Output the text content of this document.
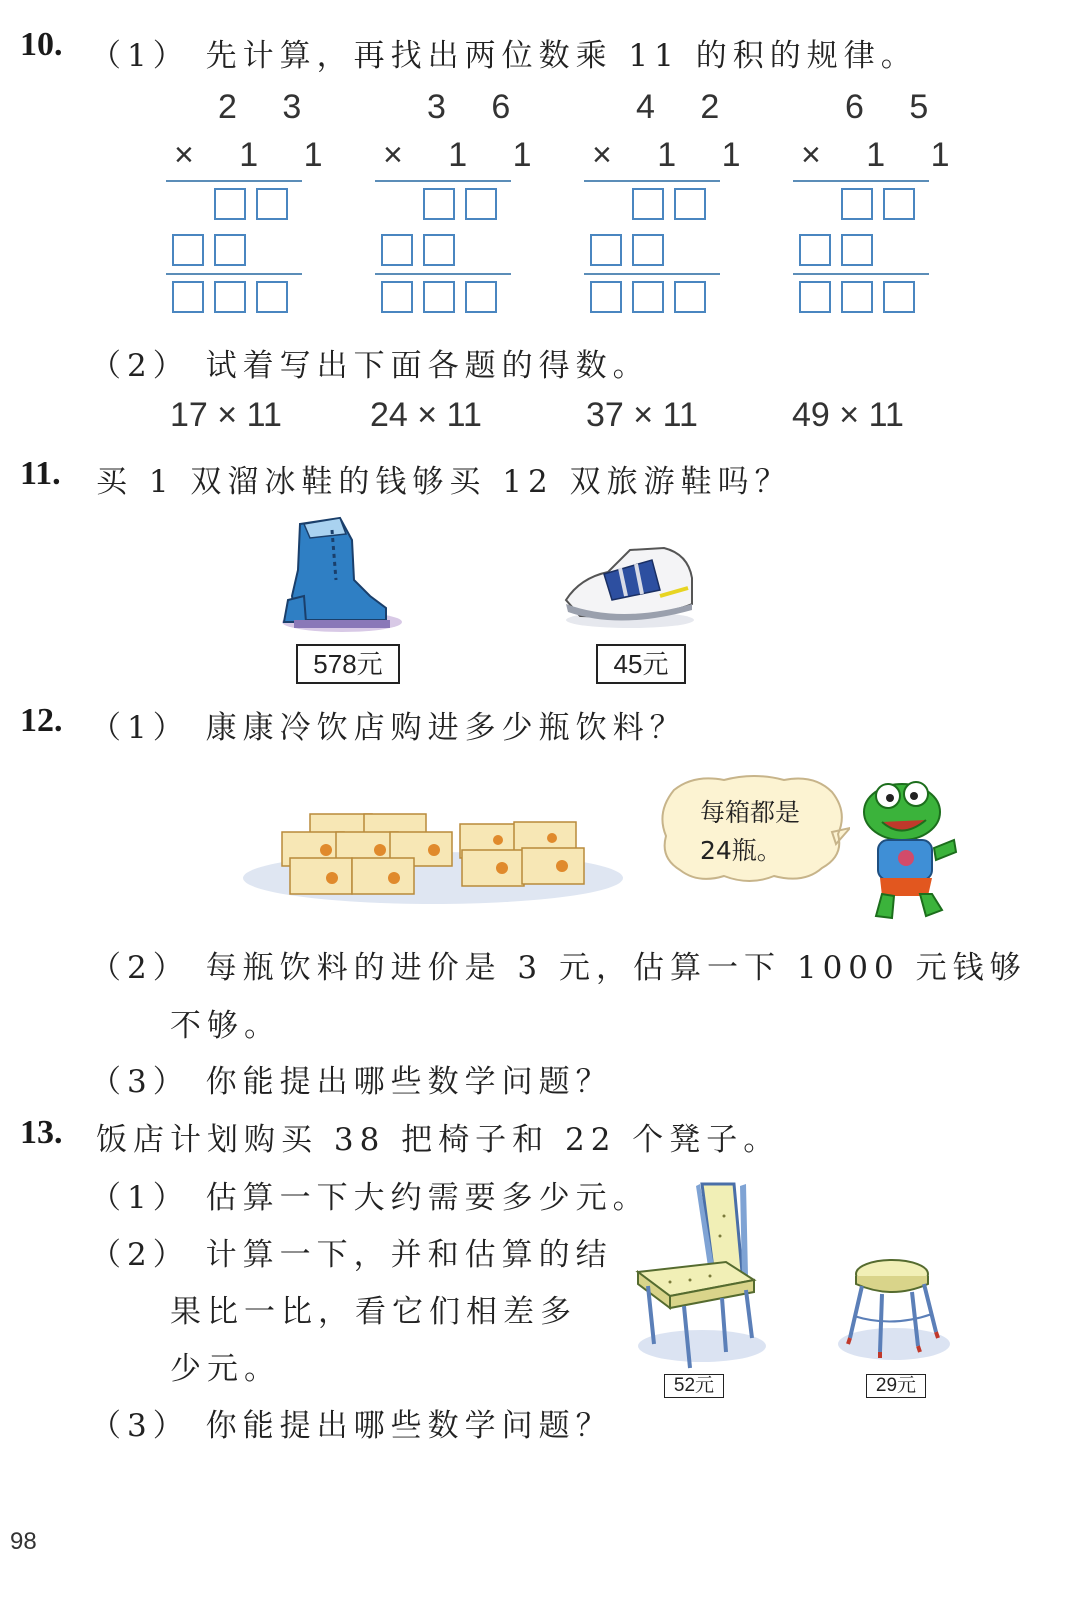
10. （1） 先计算，再找出两位数乘 11 的积的规律。
2 3
× 1 1
3 6
× 1 1
4 2
× 1 1
6 5
× 1 1
（2） 试着写出下面各题的得数。
17 × 11	24 × 11	37 × 11	49 × 11
11. 买 1 双溜冰鞋的钱够买 12 双旅游鞋吗？
578元	45元
12. （1） 康康冷饮店购进多少瓶饮料？
每箱都是
24瓶。
（2） 每瓶饮料的进价是 3 元，估算一下 1000 元钱够
不够。
（3） 你能提出哪些数学问题？
13. 饭店计划购买 38 把椅子和 22 个凳子。
（1） 估算一下大约需要多少元。
（2） 计算一下，并和估算的结
果比一比，看它们相差多
少元。
（3） 你能提出哪些数学问题？
52元	29元
98
